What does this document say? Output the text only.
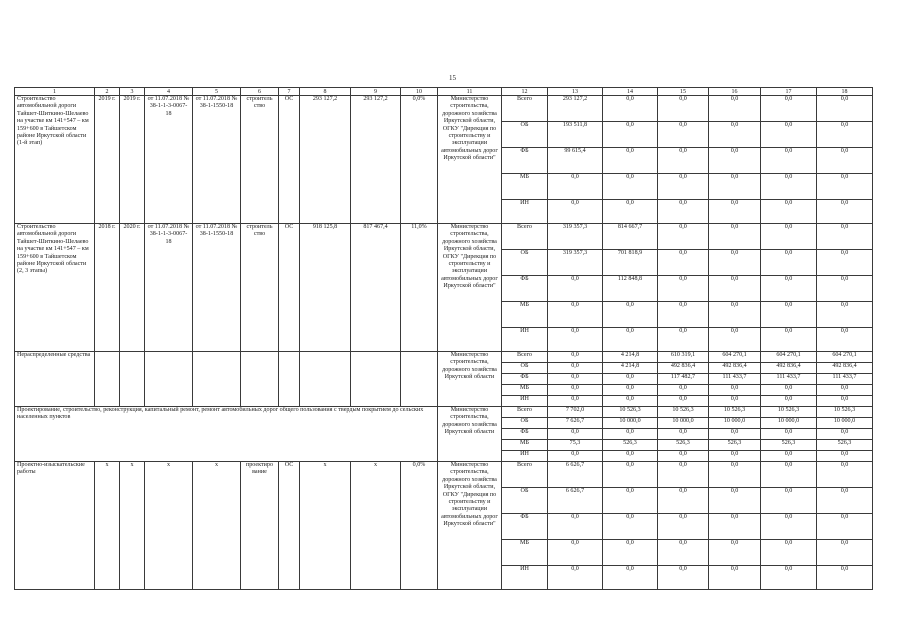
15
1	2	3	4	5	6	7	8	9	10	11	12	13	14	15	16	17	18
Строительство автомобильной дороги Тайшет-Шиткино-Шелаево на участке км 141+547 – км 159+600 в Тайшетском районе Иркутской области (1-й этап)	2019 г.	2019 г.	от 11.07.2018 № 38-1-1-3-0067-18	от 11.07.2018 № 38-1-1550-18	строитель ство	ОС	293 127,2	293 127,2	0,0%	Министерство строительства, дорожного хозяйства Иркутской области, ОГКУ "Дирекция по строительству и эксплуатации автомобильных дорог Иркутской области"	Всего	293 127,2	0,0	0,0	0,0	0,0	0,0
											ОБ	193 511,8	0,0	0,0	0,0	0,0	0,0
											ФБ	99 615,4	0,0	0,0	0,0	0,0	0,0
											МБ	0,0	0,0	0,0	0,0	0,0	0,0
											ИН	0,0	0,0	0,0	0,0	0,0	0,0
Строительство автомобильной дороги Тайшет-Шиткино-Шелаево на участке км 141+547 – км 159+600 в Тайшетском районе Иркутской области (2, 3 этапы)	2018 г.	2020 г.	от 11.07.2018 № 38-1-1-3-0067-18	от 11.07.2018 № 38-1-1550-18	строитель ство	ОС	918 125,8	817 467,4	11,0%	Министерство строительства, дорожного хозяйства Иркутской области, ОГКУ "Дирекция по строительству и эксплуатации автомобильных дорог Иркутской области"	Всего	319 357,3	814 667,7	0,0	0,0	0,0	0,0
											ОБ	319 357,3	701 818,9	0,0	0,0	0,0	0,0
											ФБ	0,0	112 848,8	0,0	0,0	0,0	0,0
											МБ	0,0	0,0	0,0	0,0	0,0	0,0
											ИН	0,0	0,0	0,0	0,0	0,0	0,0
Нераспределенные средства										Министерство строительства, дорожного хозяйства Иркутской области	Всего	0,0	4 214,8	610 319,1	604 270,1	604 270,1	604 270,1
											ОБ	0,0	4 214,8	492 836,4	492 836,4	492 836,4	492 836,4
											ФБ	0,0	0,0	117 482,7	111 433,7	111 433,7	111 433,7
											МБ	0,0	0,0	0,0	0,0	0,0	0,0
											ИН	0,0	0,0	0,0	0,0	0,0	0,0
Проектирование, строительство, реконструкция, капитальный ремонт, ремонт автомобильных дорог общего пользования с твердым покрытием до сельских населенных пунктов										Министерство строительства, дорожного хозяйства Иркутской области	Всего	7 702,0	10 526,3	10 526,3	10 526,3	10 526,3	10 526,3
											ОБ	7 626,7	10 000,0	10 000,0	10 000,0	10 000,0	10 000,0
											ФБ	0,0	0,0	0,0	0,0	0,0	0,0
											МБ	75,3	526,3	526,3	526,3	526,3	526,3
											ИН	0,0	0,0	0,0	0,0	0,0	0,0
Проектно-изыскательские работы	x	x	x	x	проектиро вание	ОС	x	x	0,0%	Министерство строительства, дорожного хозяйства Иркутской области, ОГКУ "Дирекция по строительству и эксплуатации автомобильных дорог Иркутской области"	Всего	6 626,7	0,0	0,0	0,0	0,0	0,0
											ОБ	6 626,7	0,0	0,0	0,0	0,0	0,0
											ФБ	0,0	0,0	0,0	0,0	0,0	0,0
											МБ	0,0	0,0	0,0	0,0	0,0	0,0
											ИН	0,0	0,0	0,0	0,0	0,0	0,0
